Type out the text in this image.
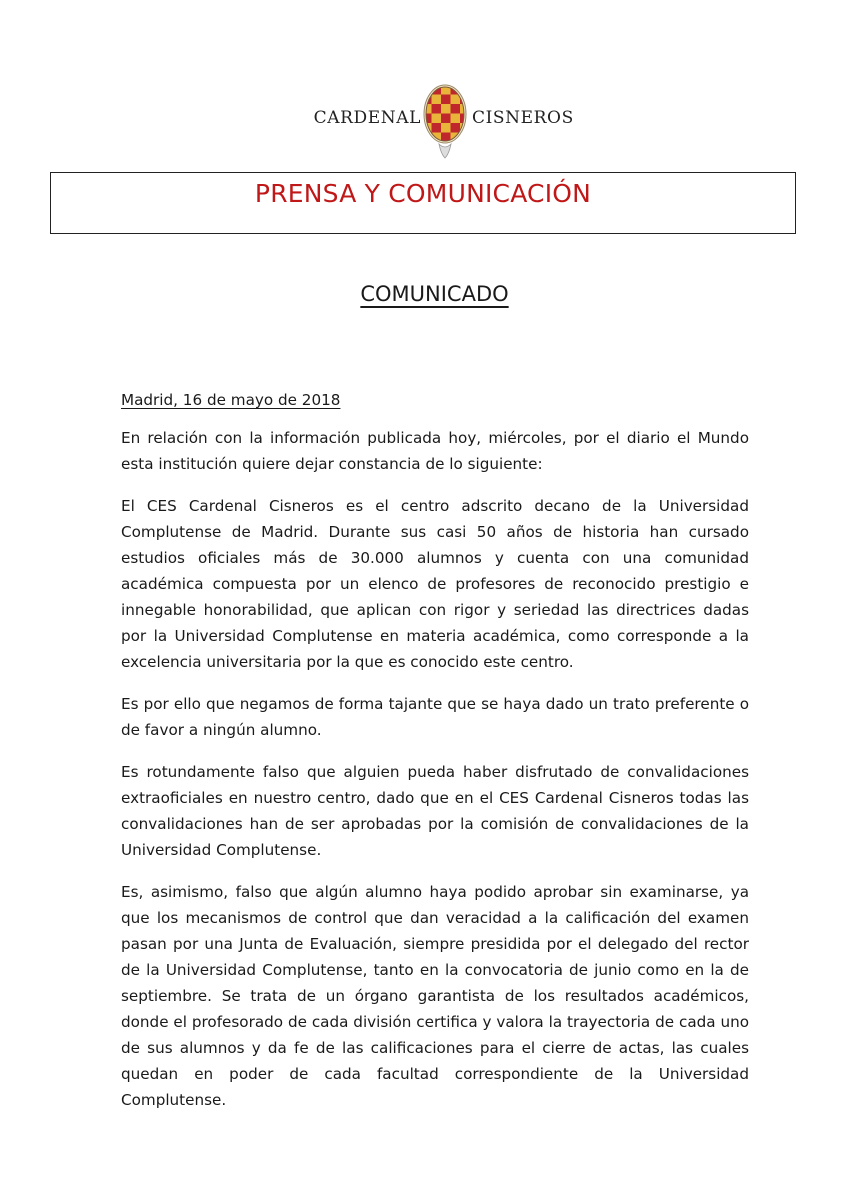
CARDENAL	CISNEROS
PRENSA Y COMUNICACIÓN
COMUNICADO

Madrid, 16 de mayo de 2018

En relación con la información publicada hoy, miércoles, por el diario el Mundo esta institución quiere dejar constancia de lo siguiente:

El CES Cardenal Cisneros es el centro adscrito decano de la Universidad Complutense de Madrid. Durante sus casi 50 años de historia han cursado estudios oficiales más de 30.000 alumnos y cuenta con una comunidad académica compuesta por un elenco de profesores de reconocido prestigio e innegable honorabilidad, que aplican con rigor y seriedad las directrices dadas por la Universidad Complutense en materia académica, como corresponde a la excelencia universitaria por la que es conocido este centro.

Es por ello que negamos de forma tajante que se haya dado un trato preferente o de favor a ningún alumno.

Es rotundamente falso que alguien pueda haber disfrutado de convalidaciones extraoficiales en nuestro centro, dado que en el CES Cardenal Cisneros todas las convalidaciones han de ser aprobadas por la comisión de convalidaciones de la Universidad Complutense.

Es, asimismo, falso que algún alumno haya podido aprobar sin examinarse, ya que los mecanismos de control que dan veracidad a la calificación del examen pasan por una Junta de Evaluación, siempre presidida por el delegado del rector de la Universidad Complutense, tanto en la convocatoria de junio como en la de septiembre. Se trata de un órgano garantista de los resultados académicos, donde el profesorado de cada división certifica y valora la trayectoria de cada uno de sus alumnos y da fe de las calificaciones para el cierre de actas, las cuales quedan en poder de cada facultad correspondiente de la Universidad Complutense.
